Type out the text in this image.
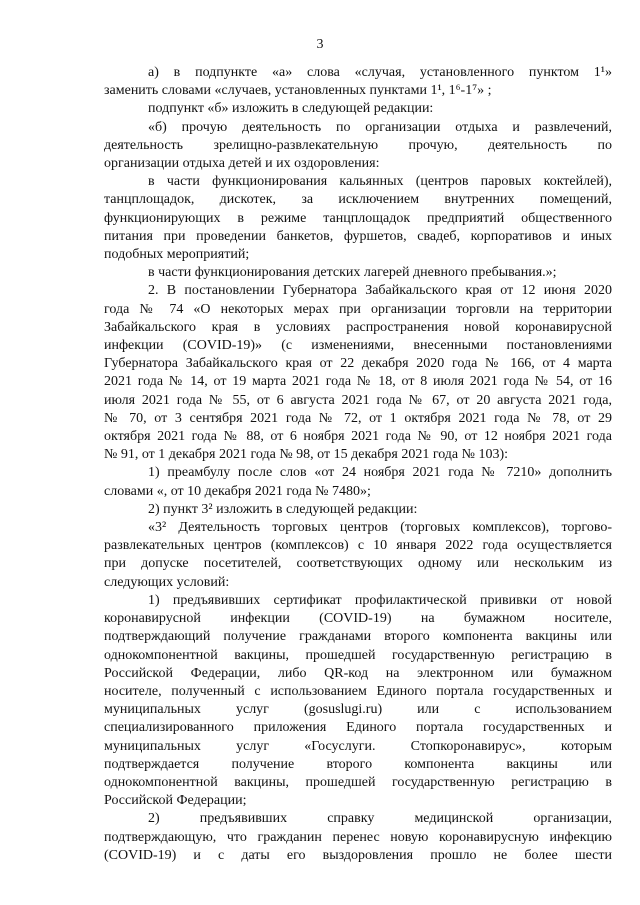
3

а) в подпункте «а» слова «случая, установленного пунктом 1¹»

заменить словами «случаев, установленных пунктами 1¹, 1⁶-1⁷» ;

подпункт «б» изложить в следующей редакции:

«б) прочую деятельность по организации отдыха и развлечений,

деятельность зрелищно-развлекательную прочую, деятельность по

организации отдыха детей и их оздоровления:

в части функционирования кальянных (центров паровых коктейлей),

танцплощадок, дискотек, за исключением внутренних помещений,

функционирующих в режиме танцплощадок предприятий общественного

питания при проведении банкетов, фуршетов, свадеб, корпоративов и иных

подобных мероприятий;

в части функционирования детских лагерей дневного пребывания.»;

2. В постановлении Губернатора Забайкальского края от 12 июня 2020

года № 74 «О некоторых мерах при организации торговли на территории

Забайкальского края в условиях распространения новой коронавирусной

инфекции (COVID-19)» (с изменениями, внесенными постановлениями

Губернатора Забайкальского края от 22 декабря 2020 года № 166, от 4 марта

2021 года № 14, от 19 марта 2021 года № 18, от 8 июля 2021 года № 54, от 16

июля 2021 года № 55, от 6 августа 2021 года № 67, от 20 августа 2021 года,

№ 70, от 3 сентября 2021 года № 72, от 1 октября 2021 года № 78, от 29

октября 2021 года № 88, от 6 ноября 2021 года № 90, от 12 ноября 2021 года

№ 91, от 1 декабря 2021 года № 98, от 15 декабря 2021 года № 103):

1) преамбулу после слов «от 24 ноября 2021 года № 7210» дополнить

словами «, от 10 декабря 2021 года № 7480»;

2) пункт 3² изложить в следующей редакции:

«3² Деятельность торговых центров (торговых комплексов), торгово-

развлекательных центров (комплексов) с 10 января 2022 года осуществляется

при допуске посетителей, соответствующих одному или нескольким из

следующих условий:

1) предъявивших сертификат профилактической прививки от новой

коронавирусной инфекции (COVID-19) на бумажном носителе,

подтверждающий получение гражданами второго компонента вакцины или

однокомпонентной вакцины, прошедшей государственную регистрацию в

Российской Федерации, либо QR-код на электронном или бумажном

носителе, полученный с использованием Единого портала государственных и

муниципальных услуг (gosuslugi.ru) или с использованием

специализированного приложения Единого портала государственных и

муниципальных услуг «Госуслуги. Стопкоронавирус», которым

подтверждается получение второго компонента вакцины или

однокомпонентной вакцины, прошедшей государственную регистрацию в

Российской Федерации;

2) предъявивших справку медицинской организации,

подтверждающую, что гражданин перенес новую коронавирусную инфекцию

(COVID-19) и с даты его выздоровления прошло не более шести
